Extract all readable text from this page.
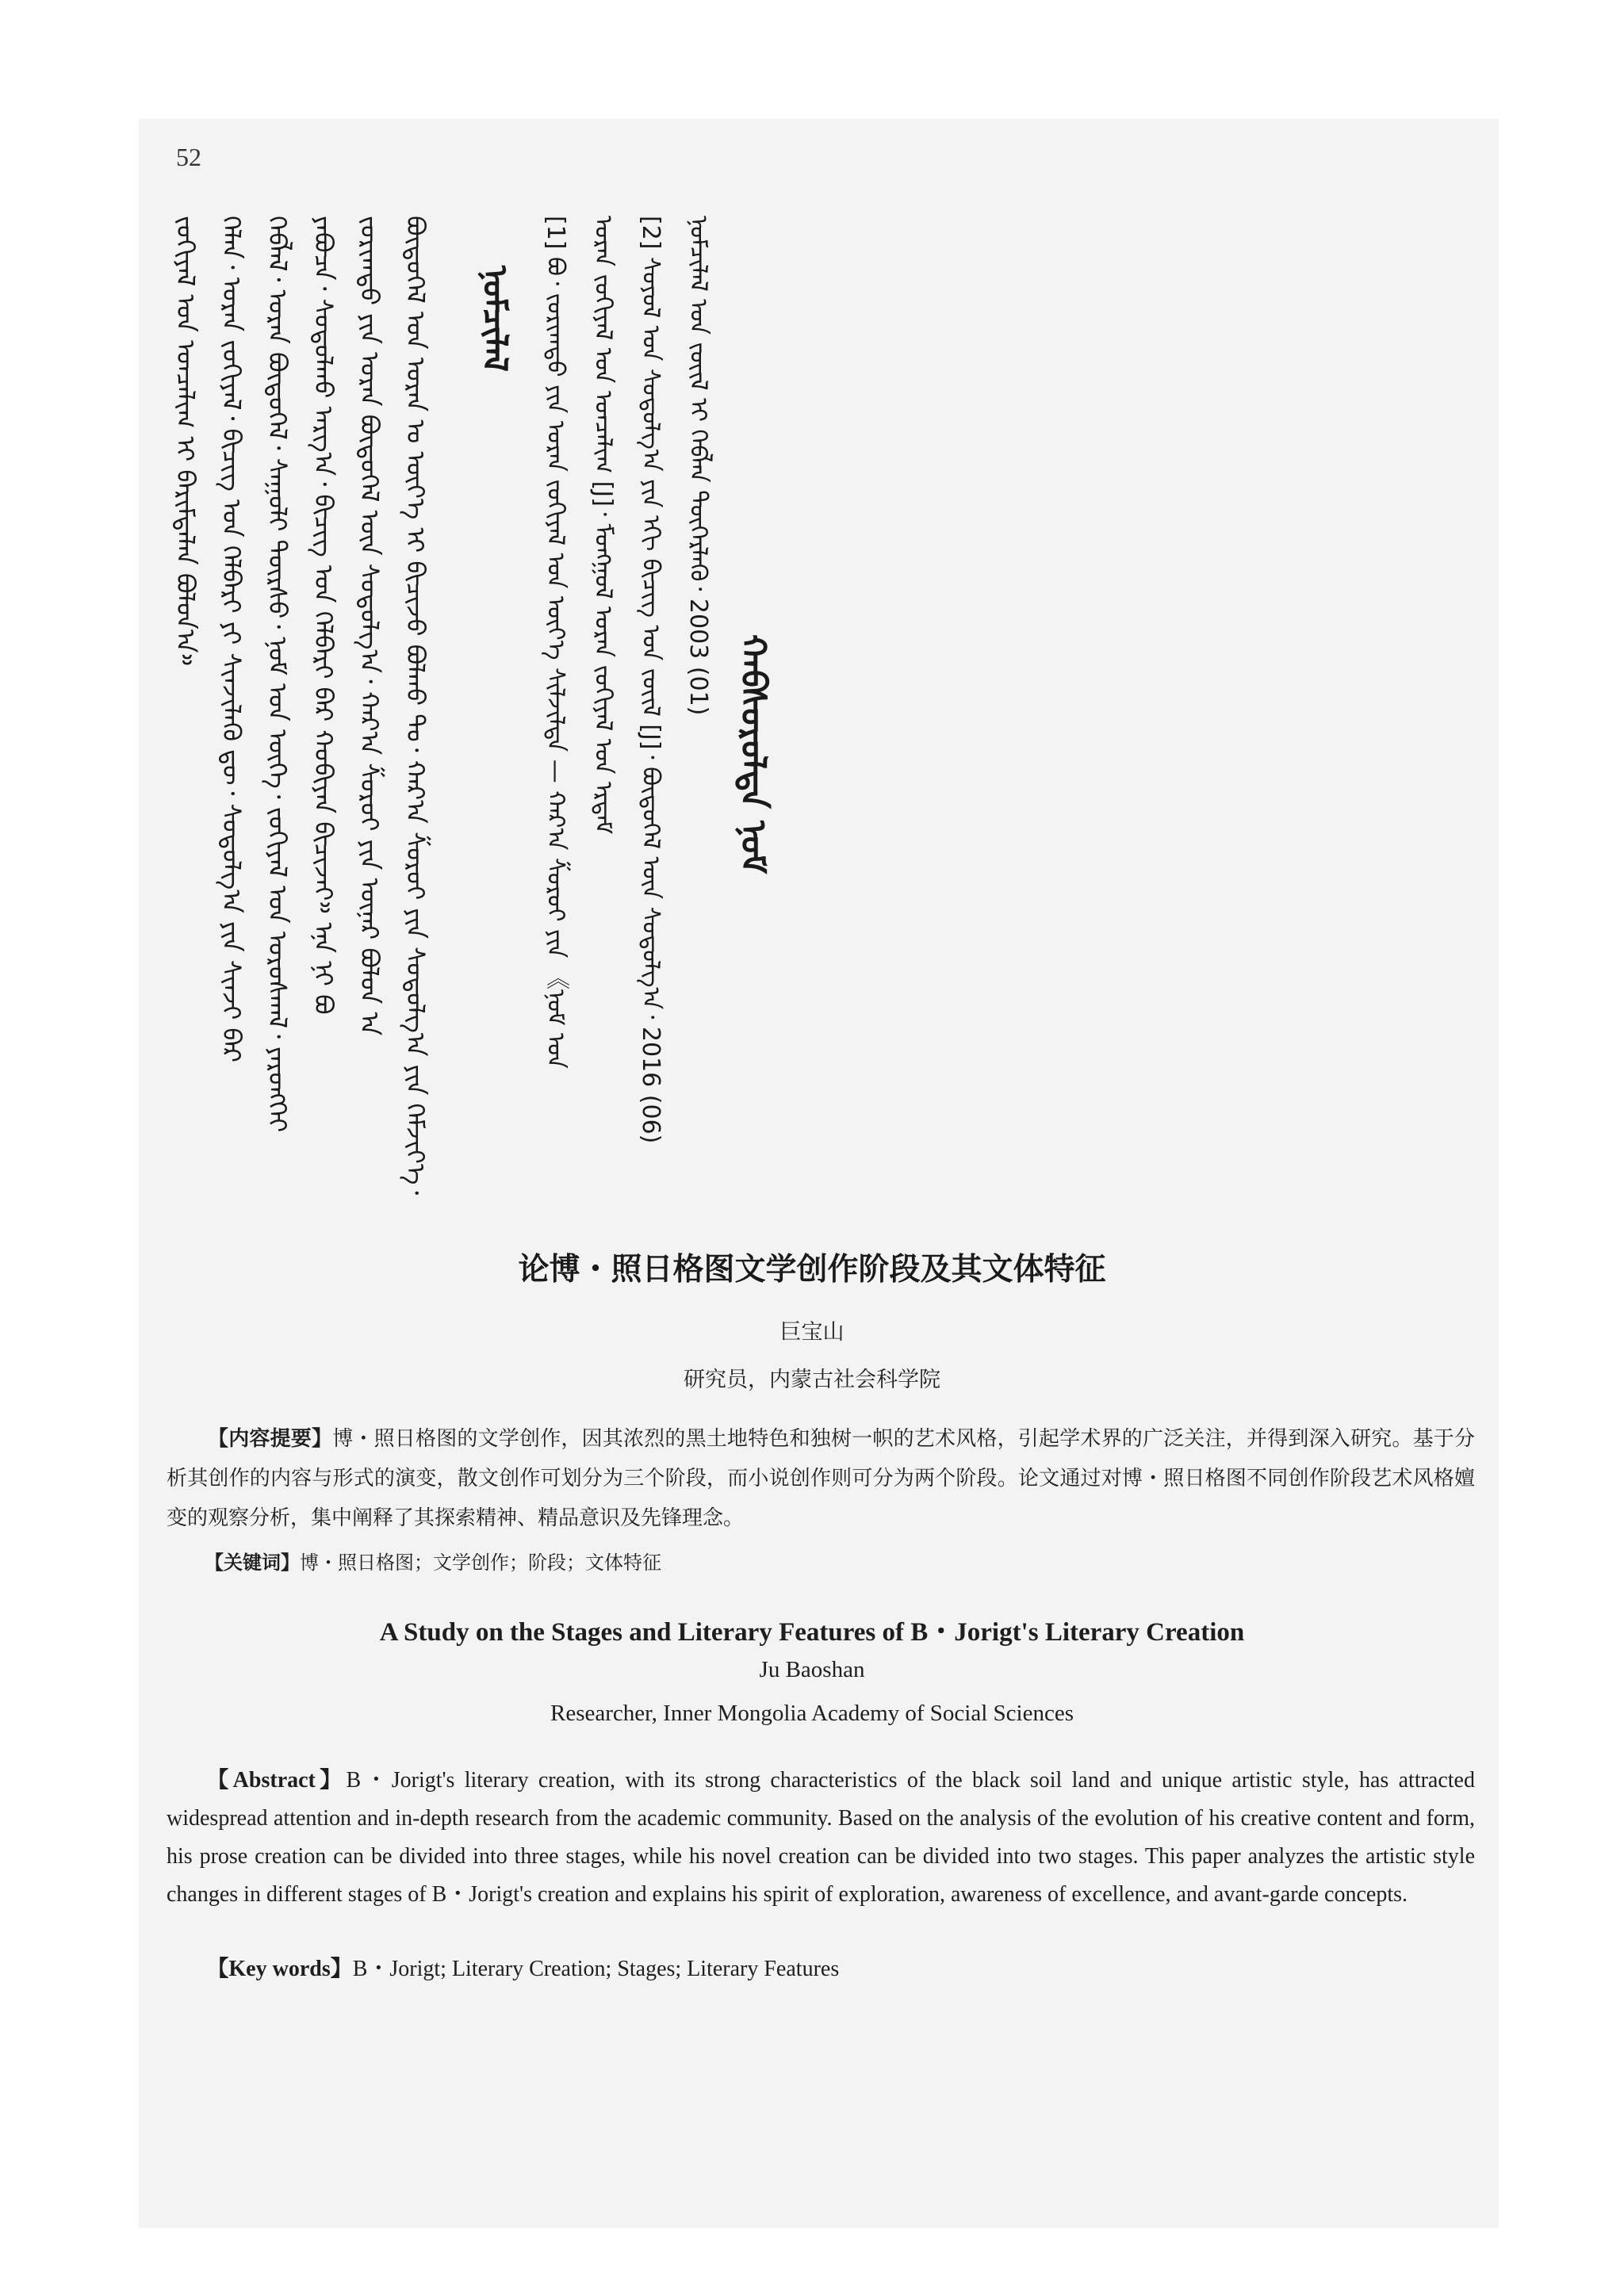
52

ᠵᠣᠬᠢᠶᠠᠯ ᠤᠨ ᠣᠨᠴᠠᠯᠢᠭ ᠢ ᠪᠠᠷᠢᠮᠲᠠᠯᠠᠨ ᠪᠣᠯᠤᠨ᠎ᠠ᠉ ᠬᠡᠯᠡᠨ᠂ ᠤᠷᠠᠨ ᠵᠣᠬᠢᠶᠠᠯ᠂ ᠪᠢᠴᠢᠭ ᠤᠨ ᠬᠡᠯᠪᠡᠷᠢ ᠶᠢ ᠰᠢᠨᠵᠢᠯᠡᠬᠦ ᠳᠦ᠂ ᠰᠣᠳᠤᠯᠭ᠎ᠠ ᠶᠢᠨ ᠰᠢᠨᠵᠢ ᠪᠠᠷ ᠬᠡᠪᠯᠡᠯ᠂ ᠤᠷᠠᠨ ᠪᠦᠲᠦᠭᠡᠯ᠂ ᠰᠠᠭᠤᠯᠢ ᠳᠦᠷᠰᠦ᠂ ᠨᠣᠮ ᠤᠨ ᠦᠭᠡ᠂ ᠵᠣᠬᠢᠶᠠᠯ ᠤᠨ ᠤᠷᠤᠰᠬᠠᠯ᠂ ᠶᠡᠷᠦᠩᠬᠡᠢ ᠶᠠᠪᠤᠴᠠ᠂ ᠰᠣᠳᠤᠯᠬᠤ ᠠᠷᠭ᠎ᠠ᠂ ᠪᠢᠴᠢᠭ ᠤᠨ ᠬᠡᠯᠪᠡᠷᠢ ᠪᠡᠷ ᠬᠤᠪᠢᠶᠠᠨ ᠪᠢᠴᠢᠵᠡᠢ᠉ ᠡᠨᠡ ᠨᠢ ᠪᠣ ᠵᠣᠷᠢᠭᠲᠤ ᠶᠢᠨ ᠤᠷᠠᠨ ᠪᠦᠲᠦᠭᠡᠯ ᠦᠨ ᠰᠣᠳᠤᠯᠭ᠎ᠠ᠂ ᠬᠠᠷ᠎ᠠ ᠱᠣᠷᠣᠢ ᠶᠢᠨ ᠦᠨᠡᠷ ᠪᠣᠯᠤᠨ ᠠ ᠪᠦᠲᠦᠭᠡᠯ ᠤᠨ ᠤᠷᠠᠨ ᠤ ᠦᠶ᠎ᠡ ᠢ ᠪᠢᠴᠢᠵᠦ ᠪᠣᠯᠬᠤ ᠲᠤ᠂ ᠬᠠᠷ᠎ᠠ ᠱᠣᠷᠣᠢ ᠶᠢᠨ ᠰᠣᠳᠤᠯᠭ᠎ᠠ ᠶᠢᠨ ᠬᠡᠮᠵᠢᠶ᠎ᠡ᠂ ᠨᠣᠮᠴᠢᠯᠠᠯ	[1] ᠪᠣ᠂ ᠵᠣᠷᠢᠭᠲᠤ ᠶᠢᠨ ᠤᠷᠠᠨ ᠵᠣᠬᠢᠶᠠᠯ ᠤᠨ ᠦᠶ᠎ᠡ ᠰᠢᠯᠵᠢᠯᠲᠡ — ᠬᠠᠷ᠎ᠠ ᠱᠣᠷᠣᠢ ᠶᠢᠨ 《ᠨᠣᠮ ᠤᠨ ᠤᠷᠠᠨ ᠵᠣᠬᠢᠶᠠᠯ ᠤᠨ ᠣᠨᠴᠠᠯᠢᠭ [J]᠂ ᠮᠣᠩᠭᠣᠯ ᠤᠷᠠᠨ ᠵᠣᠬᠢᠶᠠᠯ ᠤᠨ ᠡᠷᠳᠡᠮ [2] ᠰᠤᠶᠤᠯ ᠤᠨ ᠰᠣᠳᠤᠯᠭ᠎ᠠ ᠶᠢᠨ ᠡᠬᠢ ᠪᠢᠴᠢᠭ ᠤᠨ ᠵᠦᠢᠯ [J]᠂ ᠪᠦᠲᠦᠭᠡᠯ ᠦᠨ ᠰᠣᠳᠤᠯᠭ᠎ᠠ᠂ 2016 (06) ᠨᠣᠮᠴᠢᠯᠠᠯ ᠤᠨ ᠵᠦᠢᠯ ᠢ ᠬᠡᠪᠯᠡᠨ ᠳᠦᠭᠡᠷᠯᠡᠬᠦ᠂ 2003 (01)

ᠬᠠᠪᠰᠤᠷᠤᠯᠲᠠ ᠨᠣᠮ
论博・照日格图文学创作阶段及其文体特征
巨宝山
研究员，内蒙古社会科学院
【内容提要】博・照日格图的文学创作，因其浓烈的黑土地特色和独树一帜的艺术风格，引起学术界的广泛关注，并得到深入研究。基于分析其创作的内容与形式的演变，散文创作可划分为三个阶段，而小说创作则可分为两个阶段。论文通过对博・照日格图不同创作阶段艺术风格嬗变的观察分析，集中阐释了其探索精神、精品意识及先锋理念。
【关键词】博・照日格图；文学创作；阶段；文体特征
A Study on the Stages and Literary Features of B・Jorigt's Literary Creation
Ju Baoshan
Researcher, Inner Mongolia Academy of Social Sciences
【Abstract】B・Jorigt's literary creation, with its strong characteristics of the black soil land and unique artistic style, has attracted widespread attention and in-depth research from the academic community. Based on the analysis of the evolution of his creative content and form, his prose creation can be divided into three stages, while his novel creation can be divided into two stages. This paper analyzes the artistic style changes in different stages of B・Jorigt's creation and explains his spirit of exploration, awareness of excellence, and avant-garde concepts.
【Key words】B・Jorigt; Literary Creation; Stages; Literary Features
